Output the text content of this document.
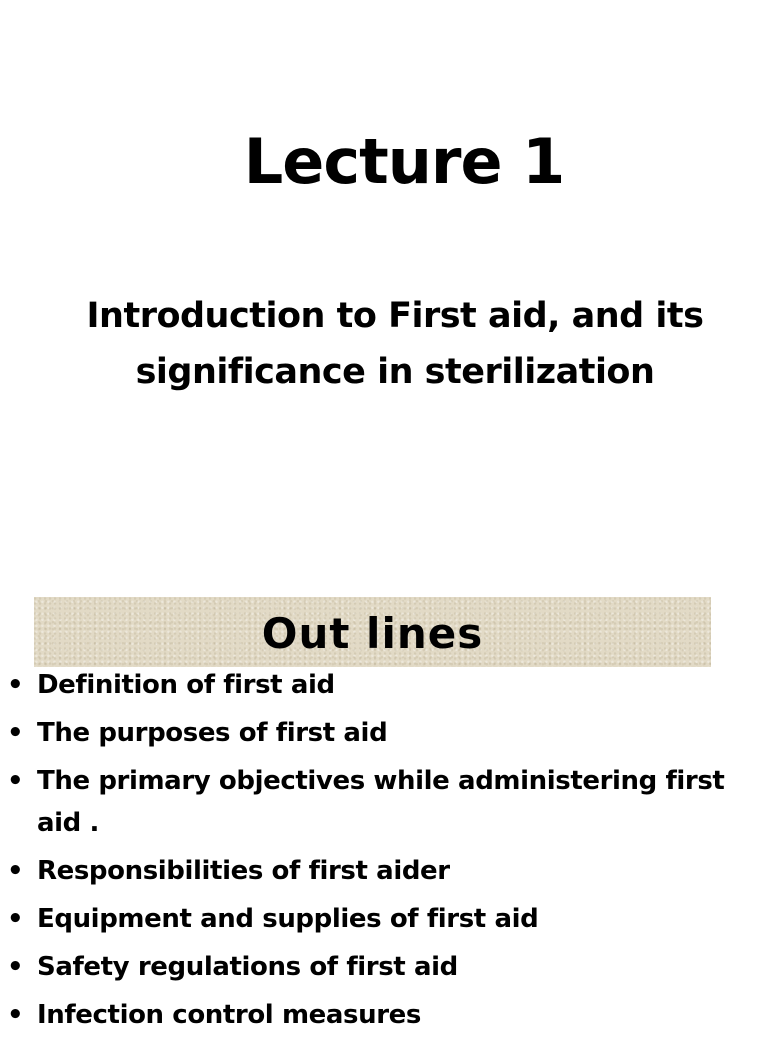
Lecture 1
Introduction to First aid, and its significance in sterilization
Out lines
• Definition of first aid
• The purposes of first aid
• The primary objectives while administering first aid .
• Responsibilities of first aider
• Equipment and supplies of first aid
• Safety regulations of first aid
• Infection control measures
